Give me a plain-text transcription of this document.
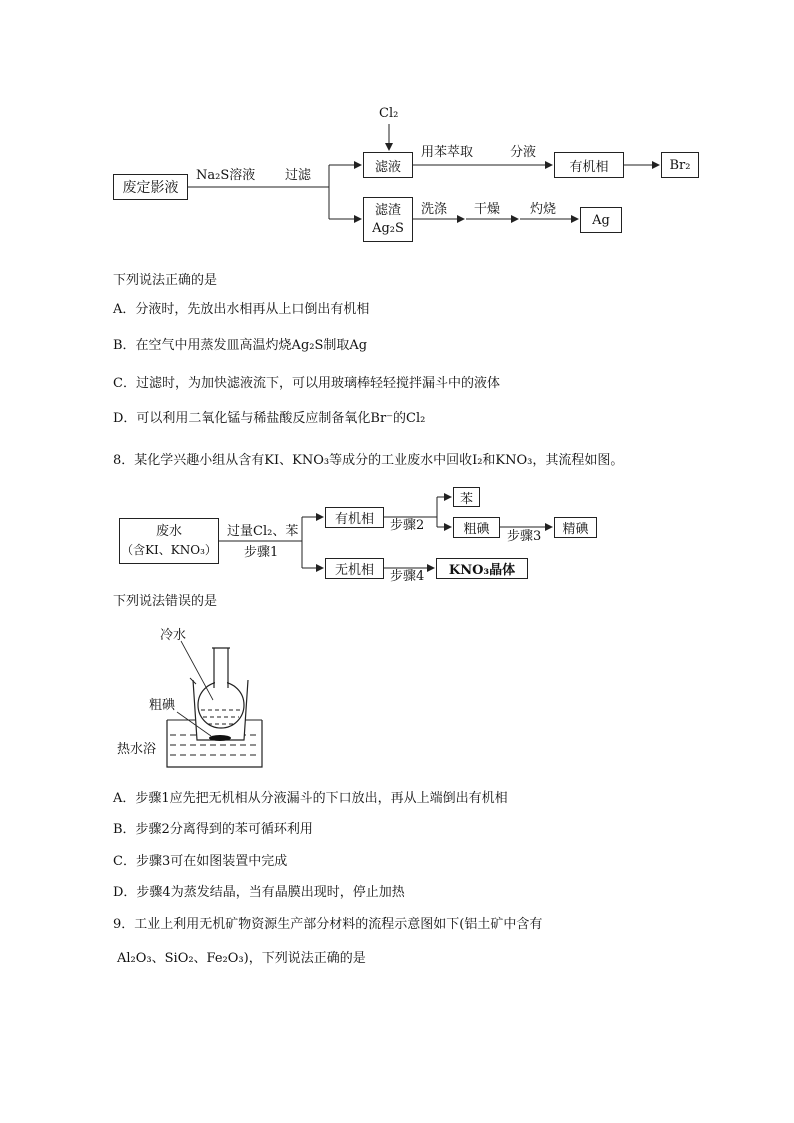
废定影液
Na₂S溶液 过滤
Cl₂
滤液
用苯萃取	分液
有机相	Br₂
滤渣
Ag₂S
洗涤 干燥 灼烧
Ag
下列说法正确的是
A．分液时，先放出水相再从上口倒出有机相
B．在空气中用蒸发皿高温灼烧Ag₂S制取Ag
C．过滤时，为加快滤液流下，可以用玻璃棒轻轻搅拌漏斗中的液体
D．可以利用二氧化锰与稀盐酸反应制备氧化Br⁻的Cl₂
8．某化学兴趣小组从含有KI、KNO₃等成分的工业废水中回收I₂和KNO₃，其流程如图。
废水
（含KI、KNO₃）
过量Cl₂、苯
步骤1
有机相	步骤2
苯
粗碘	步骤3	精碘
无机相	步骤4	KNO₃晶体
下列说法错误的是
冷水
粗碘
热水浴
A．步骤1应先把无机相从分液漏斗的下口放出，再从上端倒出有机相
B．步骤2分离得到的苯可循环利用
C．步骤3可在如图装置中完成
D．步骤4为蒸发结晶，当有晶膜出现时，停止加热
9．工业上利用无机矿物资源生产部分材料的流程示意图如下(铝土矿中含有
Al₂O₃、SiO₂、Fe₂O₃)，下列说法正确的是
